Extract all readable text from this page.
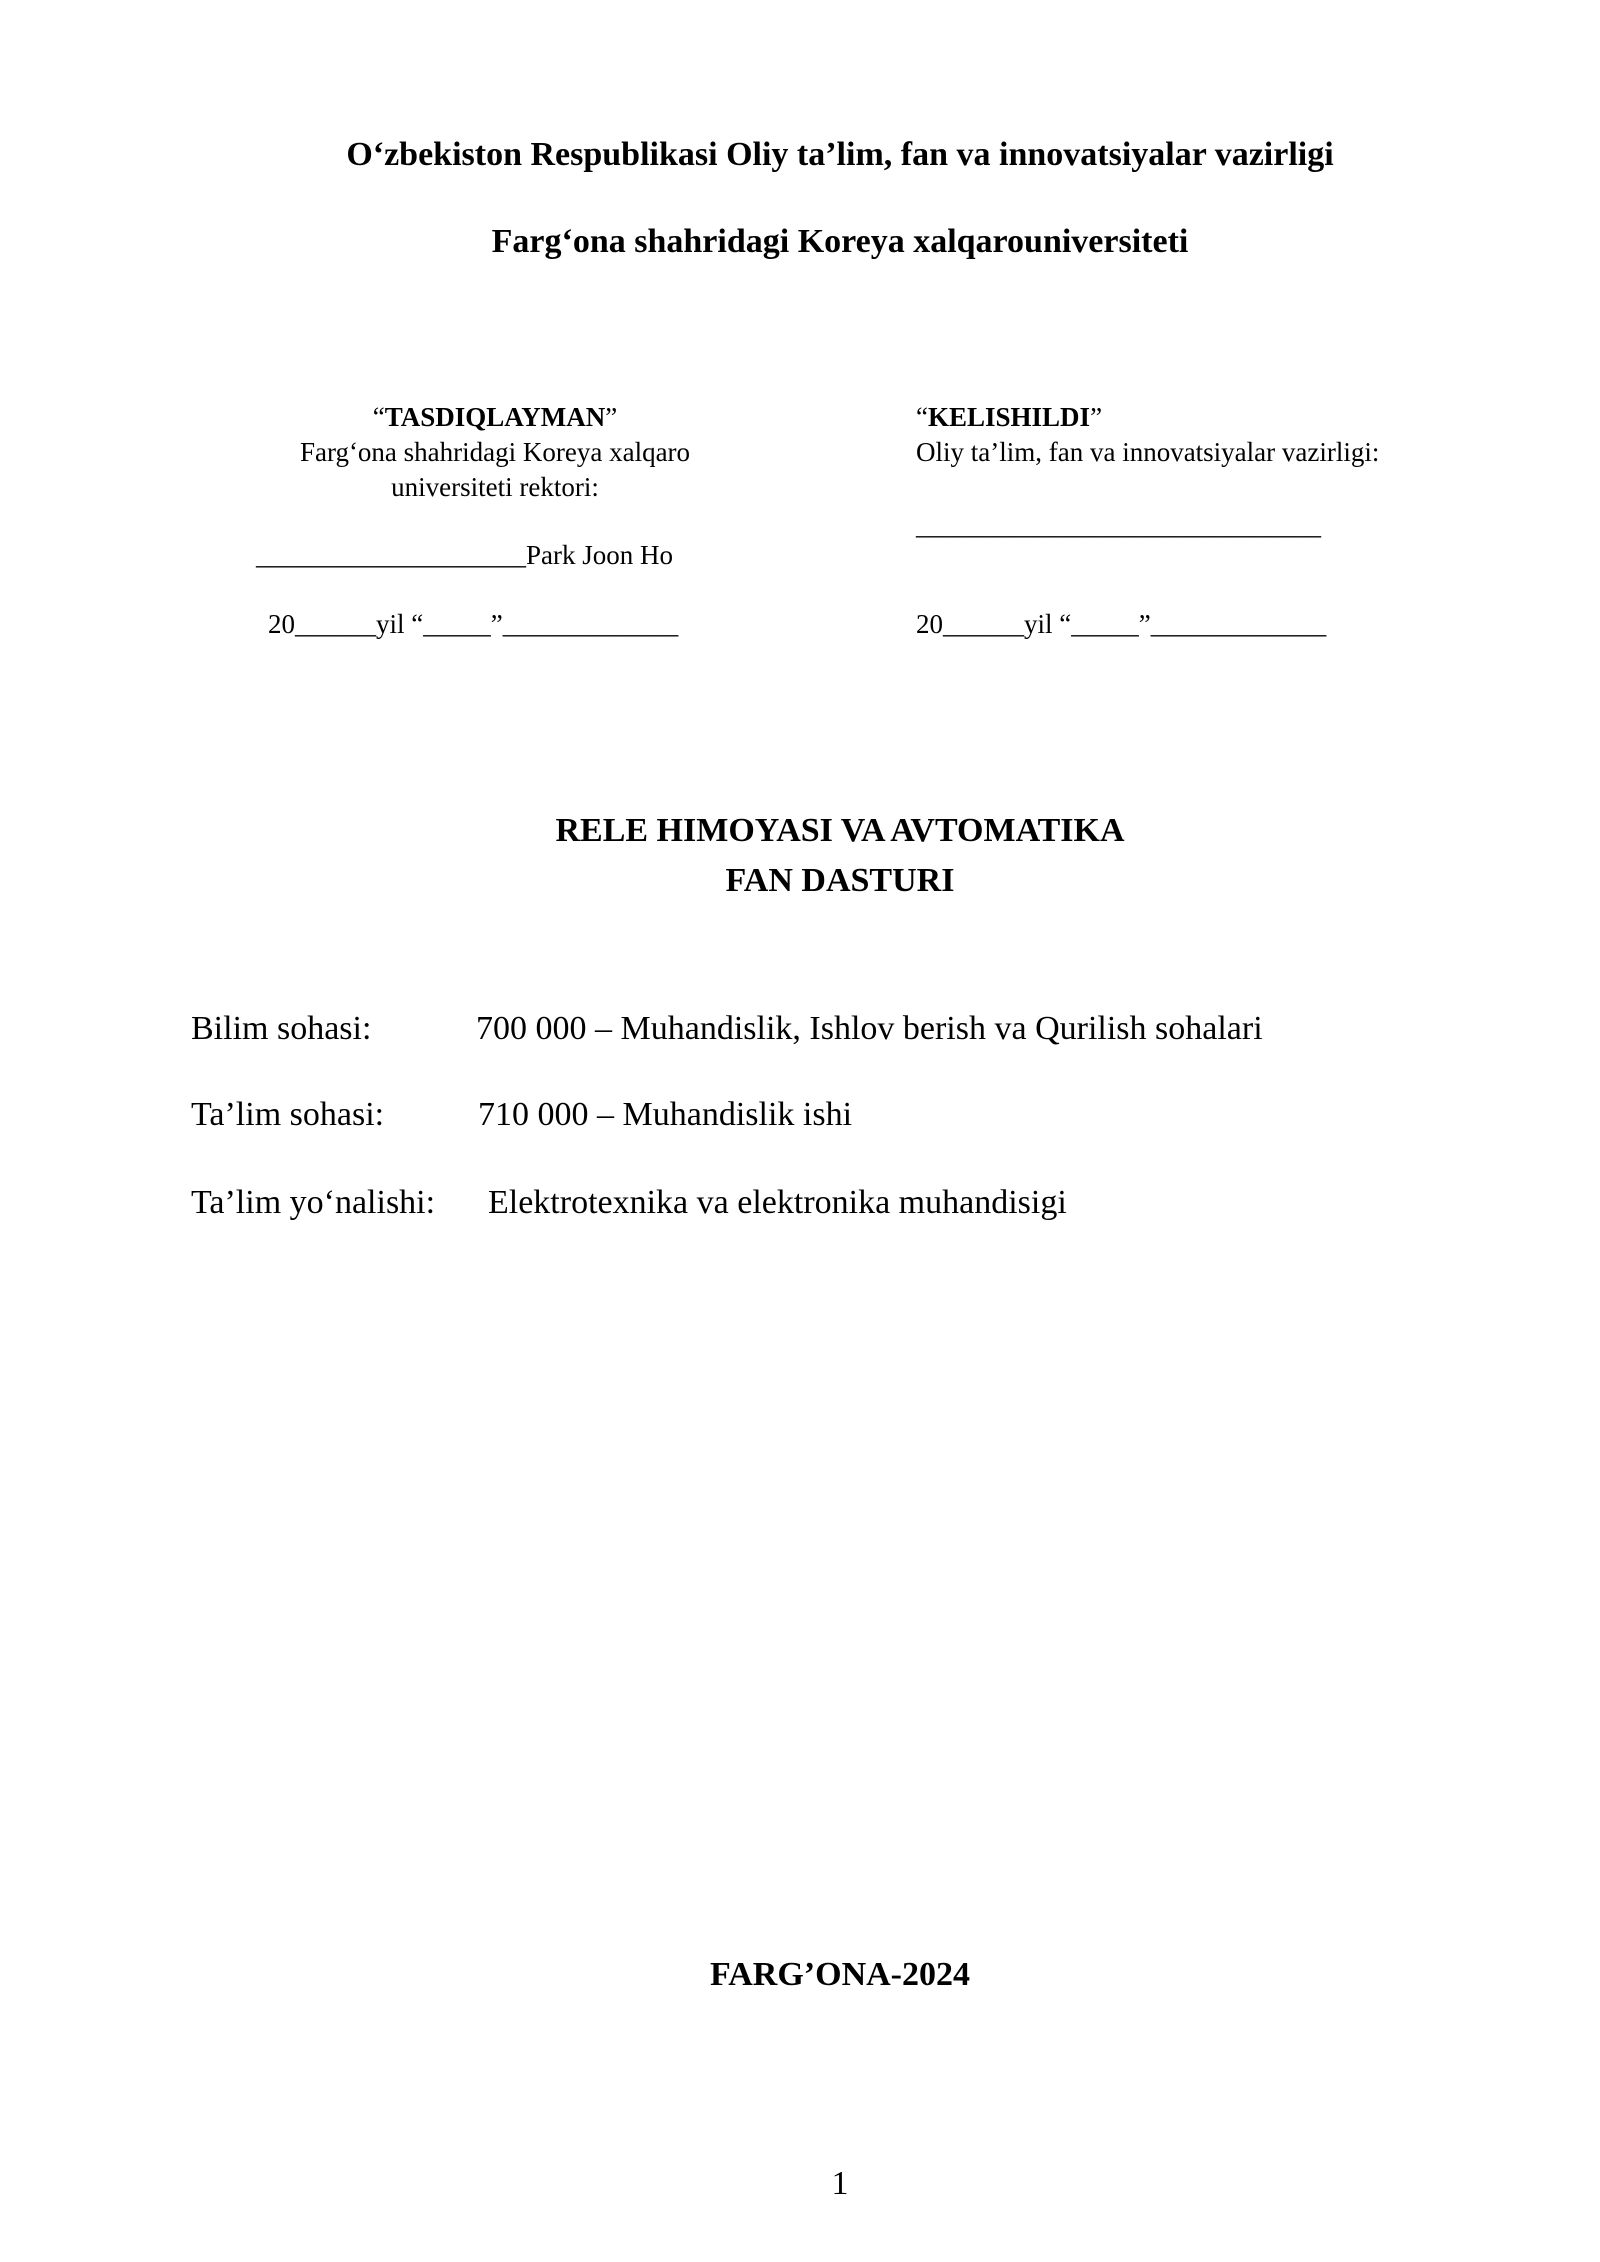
O‘zbekiston Respublikasi Oliy ta’lim, fan va innovatsiyalar vazirligi
Farg‘ona shahridagi Koreya xalqarouniversiteti
“TASDIQLAYMAN”
Farg‘ona shahridagi Koreya xalqaro
universiteti rektori:
____________________Park Joon Ho
20______yil “_____”_____________
“KELISHILDI”
Oliy ta’lim, fan va innovatsiyalar vazirligi:
______________________________
20______yil “_____”_____________
RELE HIMOYASI VA AVTOMATIKA
FAN DASTURI
Bilim sohasi:	700 000 – Muhandislik, Ishlov berish va Qurilish sohalari
Ta’lim sohasi:	710 000 – Muhandislik ishi
Ta’lim yo‘nalishi: Elektrotexnika va elektronika muhandisigi
FARG’ONA-2024
1
